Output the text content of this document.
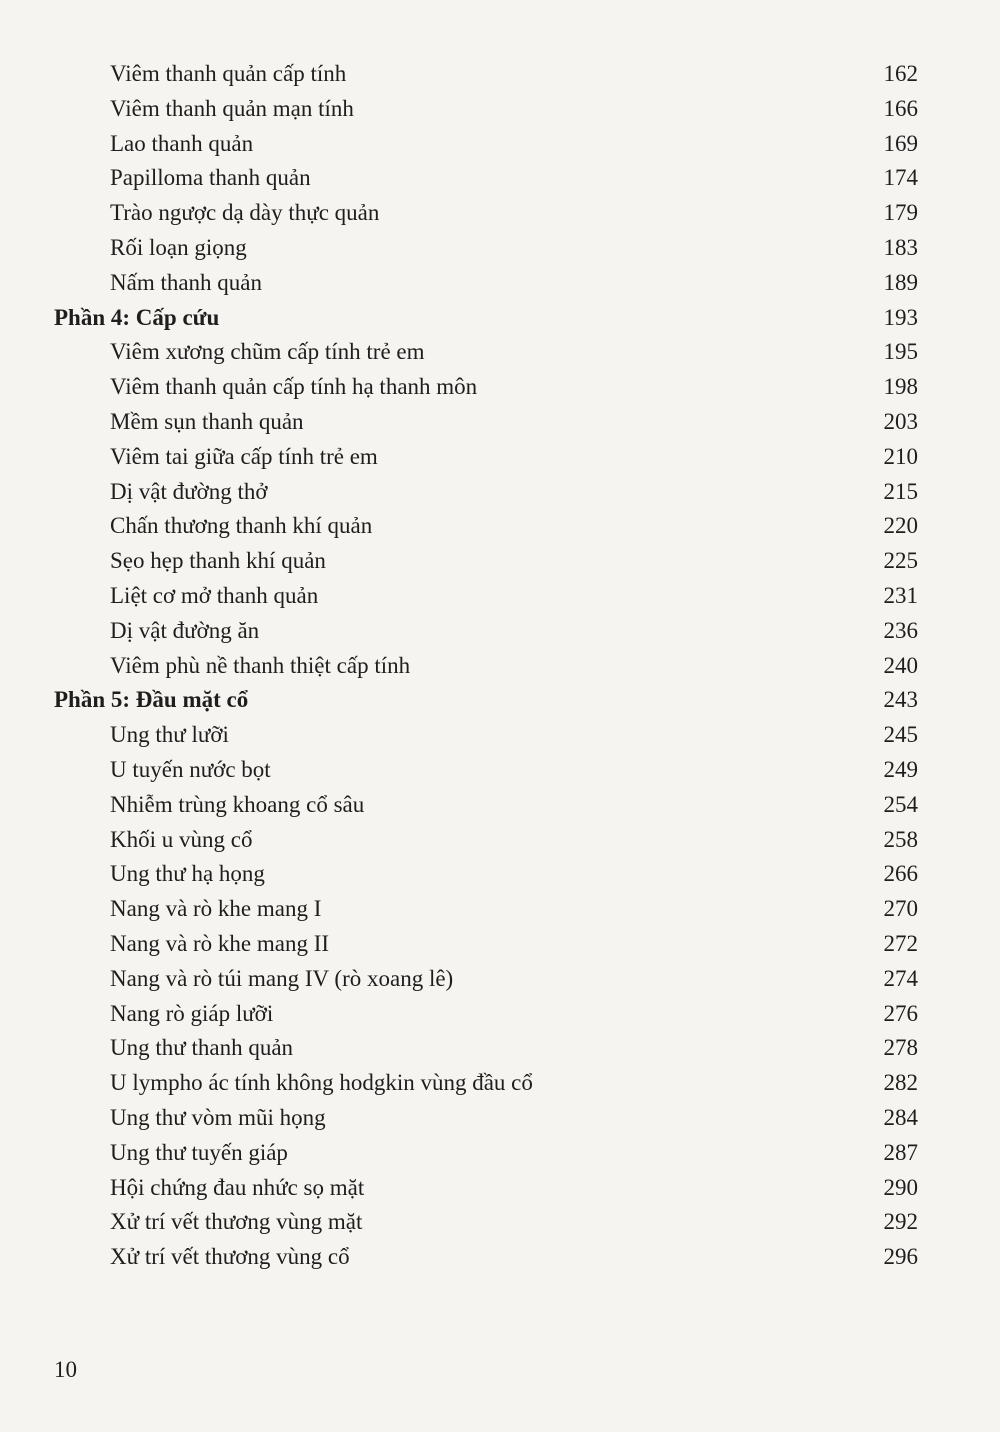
Viêm thanh quản cấp tính	162
Viêm thanh quản mạn tính	166
Lao thanh quản	169
Papilloma thanh quản	174
Trào ngược dạ dày thực quản	179
Rối loạn giọng	183
Nấm thanh quản	189
Phần 4: Cấp cứu	193
Viêm xương chũm cấp tính trẻ em	195
Viêm thanh quản cấp tính hạ thanh môn	198
Mềm sụn thanh quản	203
Viêm tai giữa cấp tính trẻ em	210
Dị vật đường thở	215
Chấn thương thanh khí quản	220
Sẹo hẹp thanh khí quản	225
Liệt cơ mở thanh quản	231
Dị vật đường ăn	236
Viêm phù nề thanh thiệt cấp tính	240
Phần 5: Đầu mặt cổ	243
Ung thư lưỡi	245
U tuyến nước bọt	249
Nhiễm trùng khoang cổ sâu	254
Khối u vùng cổ	258
Ung thư hạ họng	266
Nang và rò khe mang I	270
Nang và rò khe mang II	272
Nang và rò túi mang IV (rò xoang lê)	274
Nang rò giáp lưỡi	276
Ung thư thanh quản	278
U lympho ác tính không hodgkin vùng đầu cổ	282
Ung thư vòm mũi họng	284
Ung thư tuyến giáp	287
Hội chứng đau nhức sọ mặt	290
Xử trí vết thương vùng mặt	292
Xử trí vết thương vùng cổ	296
10
